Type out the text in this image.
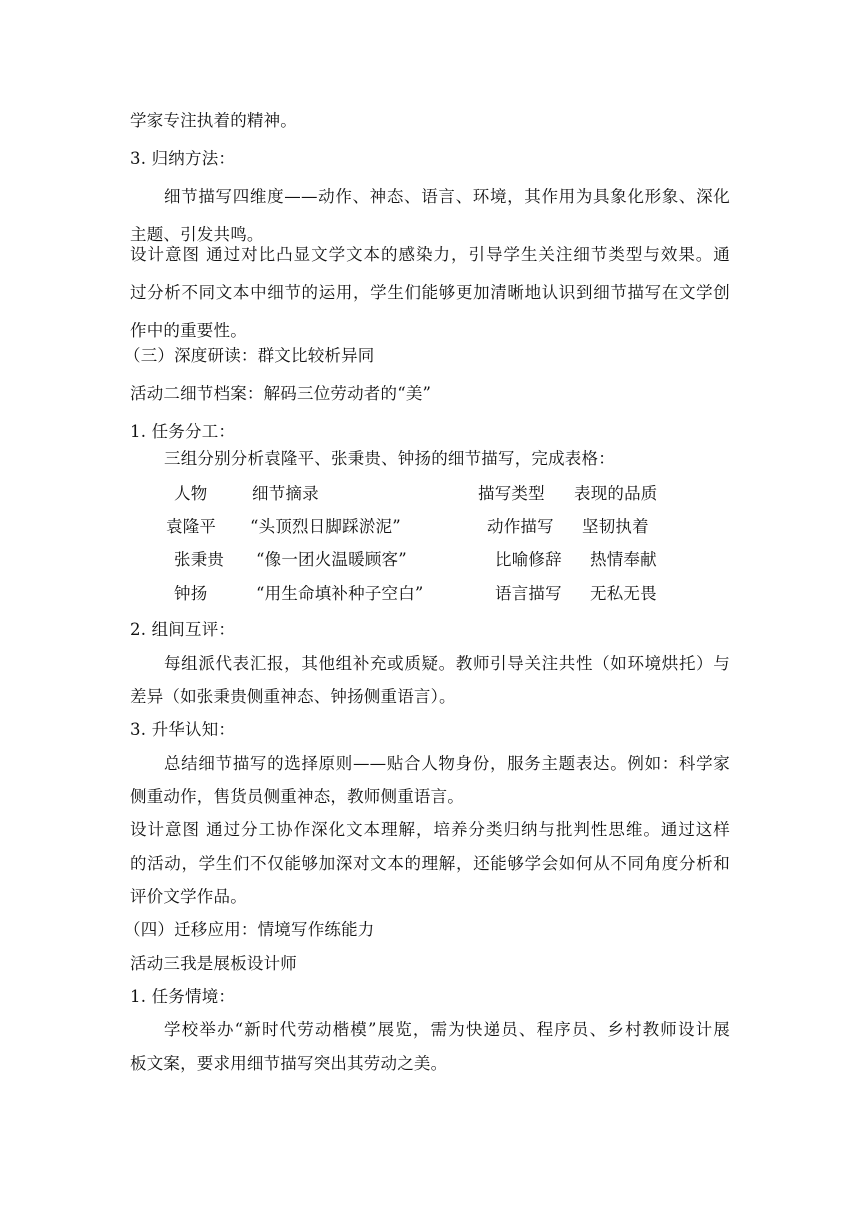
学家专注执着的精神。
3. 归纳方法：
细节描写四维度——动作、神态、语言、环境，其作用为具象化形象、深化
主题、引发共鸣。
设计意图 通过对比凸显文学文本的感染力，引导学生关注细节类型与效果。通
过分析不同文本中细节的运用，学生们能够更加清晰地认识到细节描写在文学创
作中的重要性。
（三）深度研读：群文比较析异同
活动二细节档案：解码三位劳动者的“美”
1. 任务分工：
三组分别分析袁隆平、张秉贵、钟扬的细节描写，完成表格：
人物	细节摘录	描写类型 表现的品质
袁隆平 “头顶烈日脚踩淤泥”	动作描写 坚韧执着
张秉贵 “像一团火温暖顾客”	比喻修辞 热情奉献
钟扬	“用生命填补种子空白”	语言描写 无私无畏
2. 组间互评：
每组派代表汇报，其他组补充或质疑。教师引导关注共性（如环境烘托）与
差异（如张秉贵侧重神态、钟扬侧重语言）。
3. 升华认知：
总结细节描写的选择原则——贴合人物身份，服务主题表达。例如：科学家
侧重动作，售货员侧重神态，教师侧重语言。
设计意图 通过分工协作深化文本理解，培养分类归纳与批判性思维。通过这样
的活动，学生们不仅能够加深对文本的理解，还能够学会如何从不同角度分析和
评价文学作品。
（四）迁移应用：情境写作练能力
活动三我是展板设计师
1. 任务情境：
学校举办“新时代劳动楷模”展览，需为快递员、程序员、乡村教师设计展
板文案，要求用细节描写突出其劳动之美。
